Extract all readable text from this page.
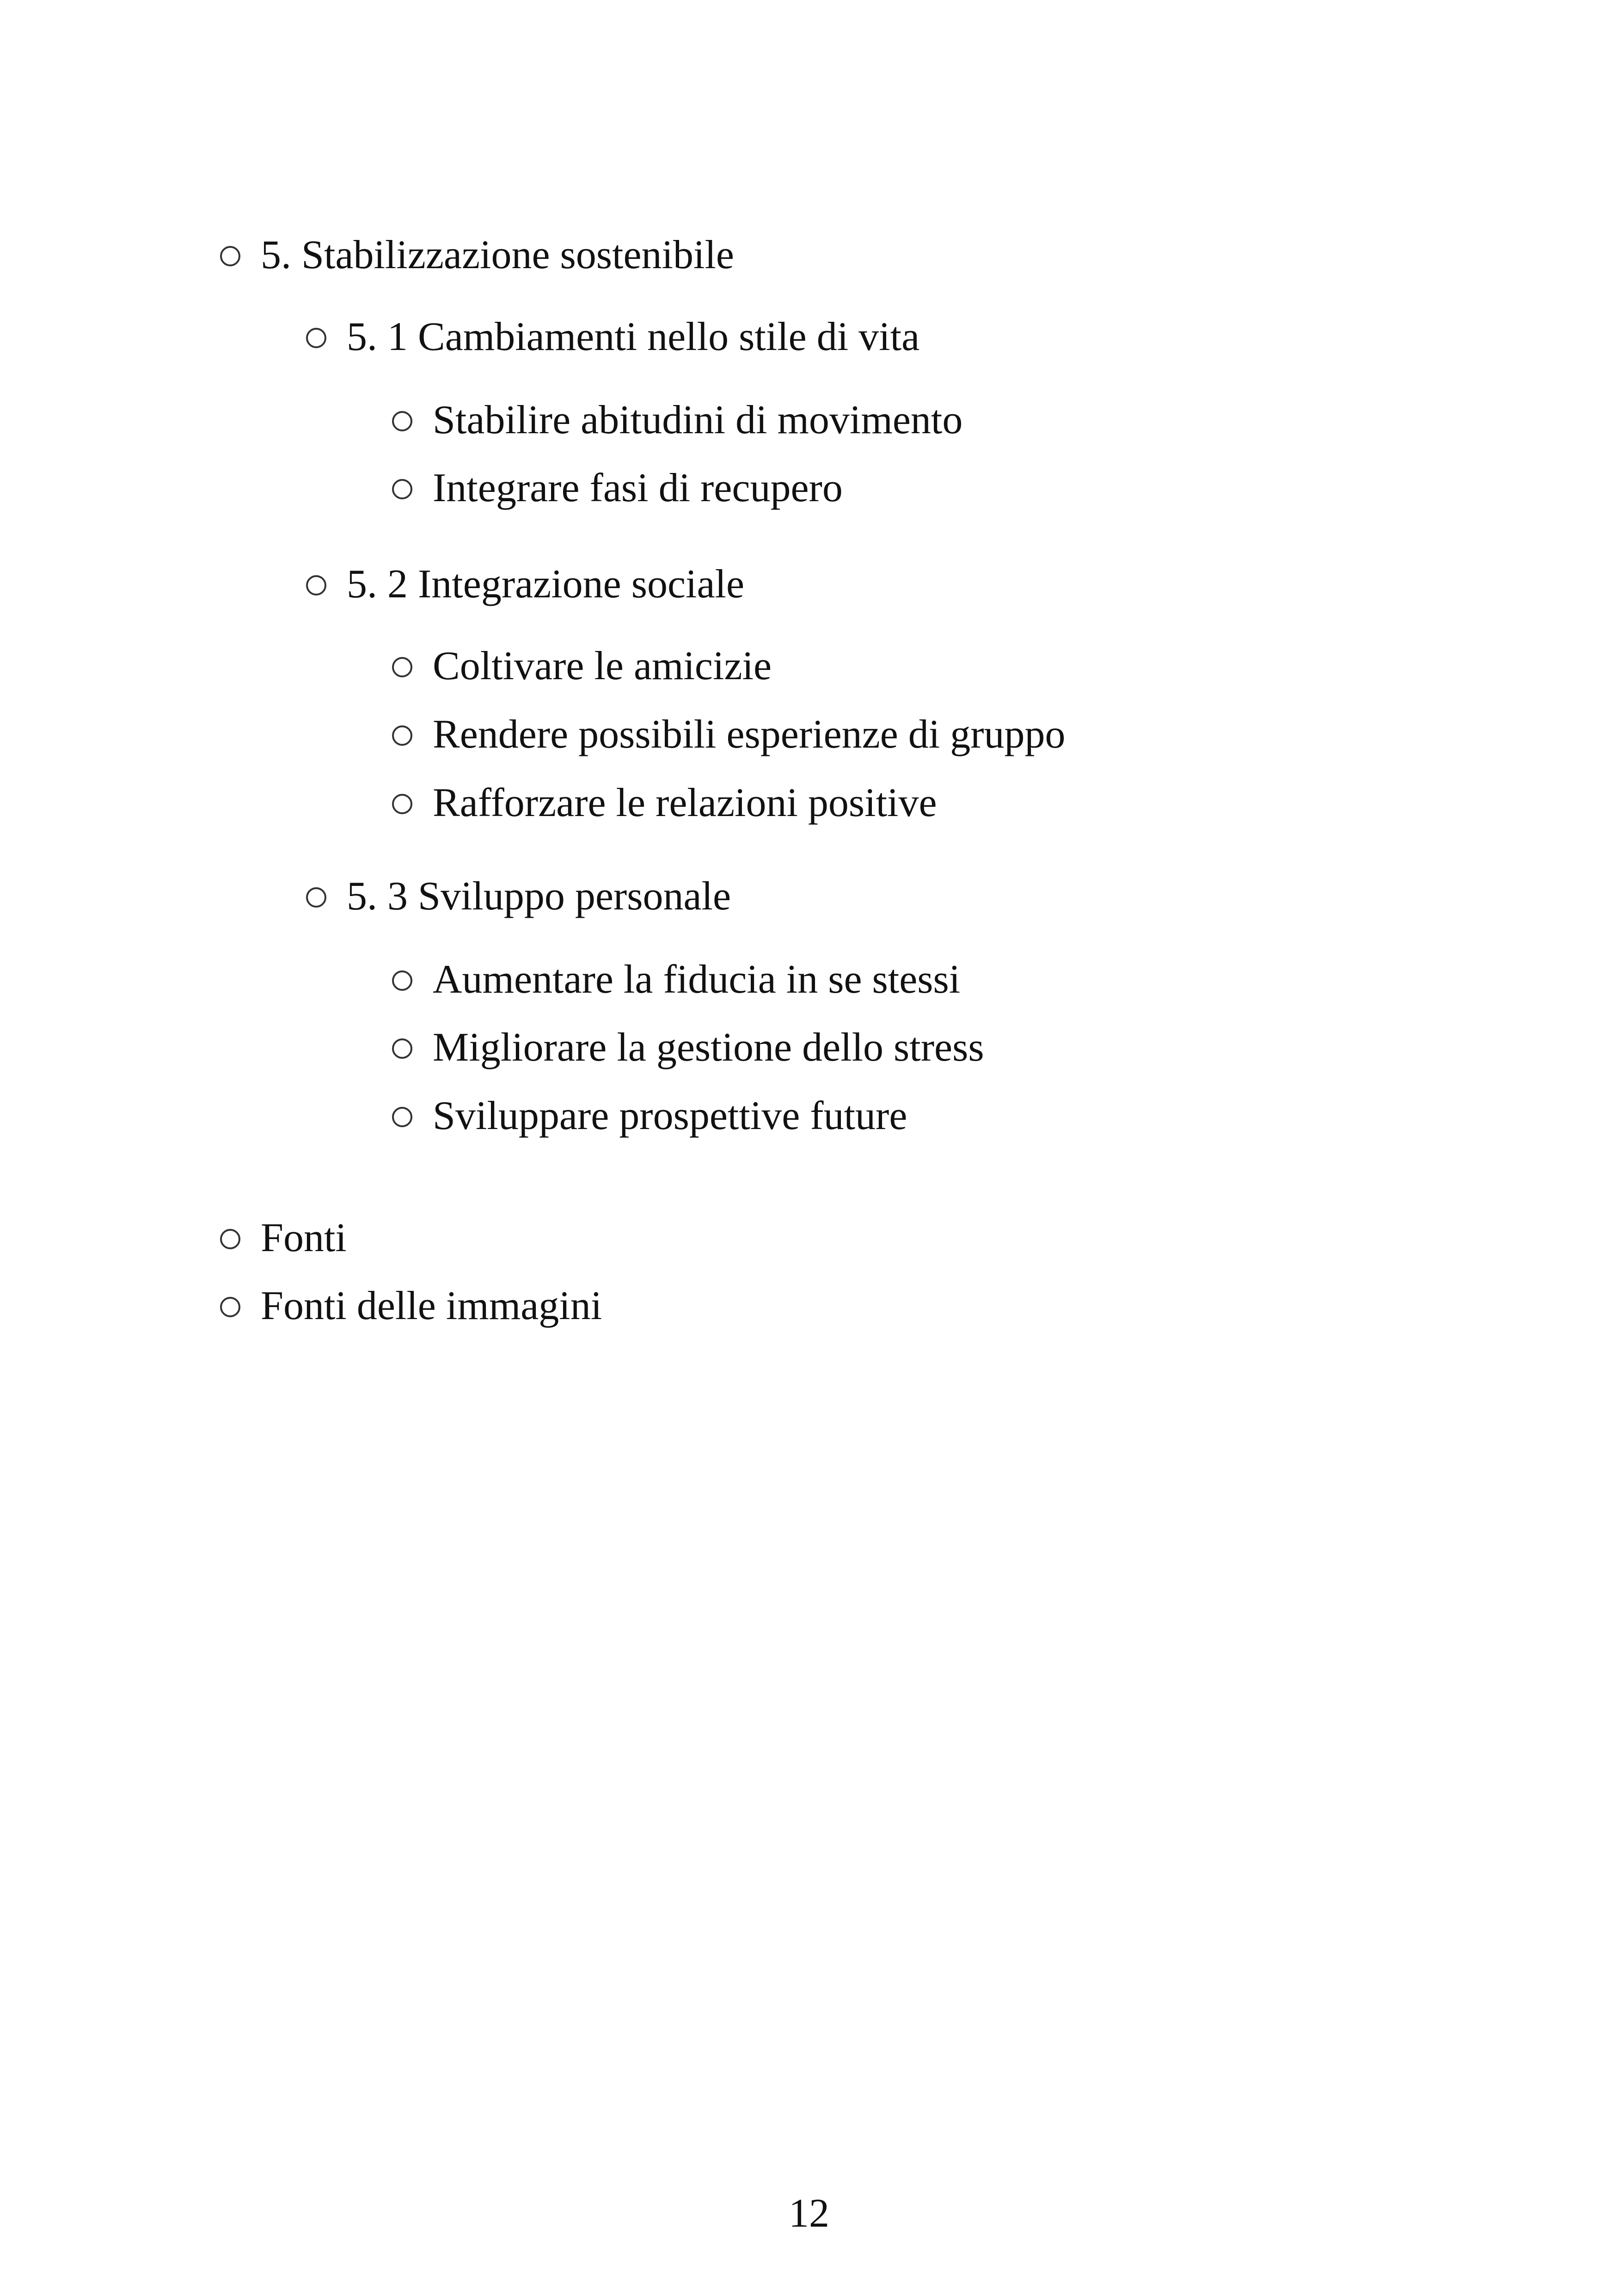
5. Stabilizzazione sostenibile
5. 1 Cambiamenti nello stile di vita
Stabilire abitudini di movimento
Integrare fasi di recupero
5. 2 Integrazione sociale
Coltivare le amicizie
Rendere possibili esperienze di gruppo
Rafforzare le relazioni positive
5. 3 Sviluppo personale
Aumentare la fiducia in se stessi
Migliorare la gestione dello stress
Sviluppare prospettive future
Fonti
Fonti delle immagini
12
